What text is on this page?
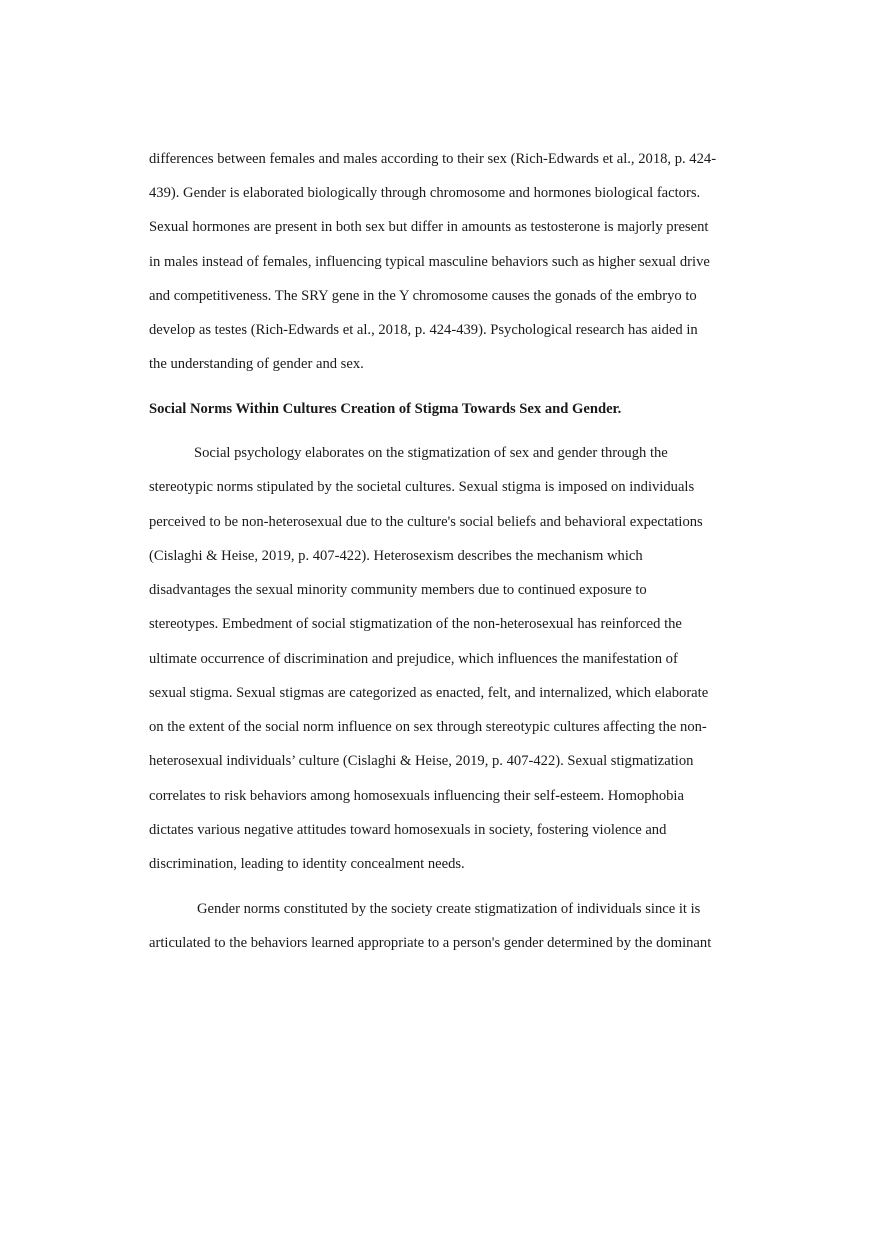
differences between females and males according to their sex (Rich-Edwards et al., 2018, p. 424-
439). Gender is elaborated biologically through chromosome and hormones biological factors.
Sexual hormones are present in both sex but differ in amounts as testosterone is majorly present
in males instead of females, influencing typical masculine behaviors such as higher sexual drive
and competitiveness. The SRY gene in the Y chromosome causes the gonads of the embryo to
develop as testes (Rich-Edwards et al., 2018, p. 424-439). Psychological research has aided in
the understanding of gender and sex.
Social Norms Within Cultures Creation of Stigma Towards Sex and Gender.
Social psychology elaborates on the stigmatization of sex and gender through the
stereotypic norms stipulated by the societal cultures. Sexual stigma is imposed on individuals
perceived to be non-heterosexual due to the culture's social beliefs and behavioral expectations
(Cislaghi & Heise, 2019, p. 407-422). Heterosexism describes the mechanism which
disadvantages the sexual minority community members due to continued exposure to
stereotypes. Embedment of social stigmatization of the non-heterosexual has reinforced the
ultimate occurrence of discrimination and prejudice, which influences the manifestation of
sexual stigma. Sexual stigmas are categorized as enacted, felt, and internalized, which elaborate
on the extent of the social norm influence on sex through stereotypic cultures affecting the non-
heterosexual individuals’ culture (Cislaghi & Heise, 2019, p. 407-422). Sexual stigmatization
correlates to risk behaviors among homosexuals influencing their self-esteem. Homophobia
dictates various negative attitudes toward homosexuals in society, fostering violence and
discrimination, leading to identity concealment needs.
Gender norms constituted by the society create stigmatization of individuals since it is
articulated to the behaviors learned appropriate to a person's gender determined by the dominant
